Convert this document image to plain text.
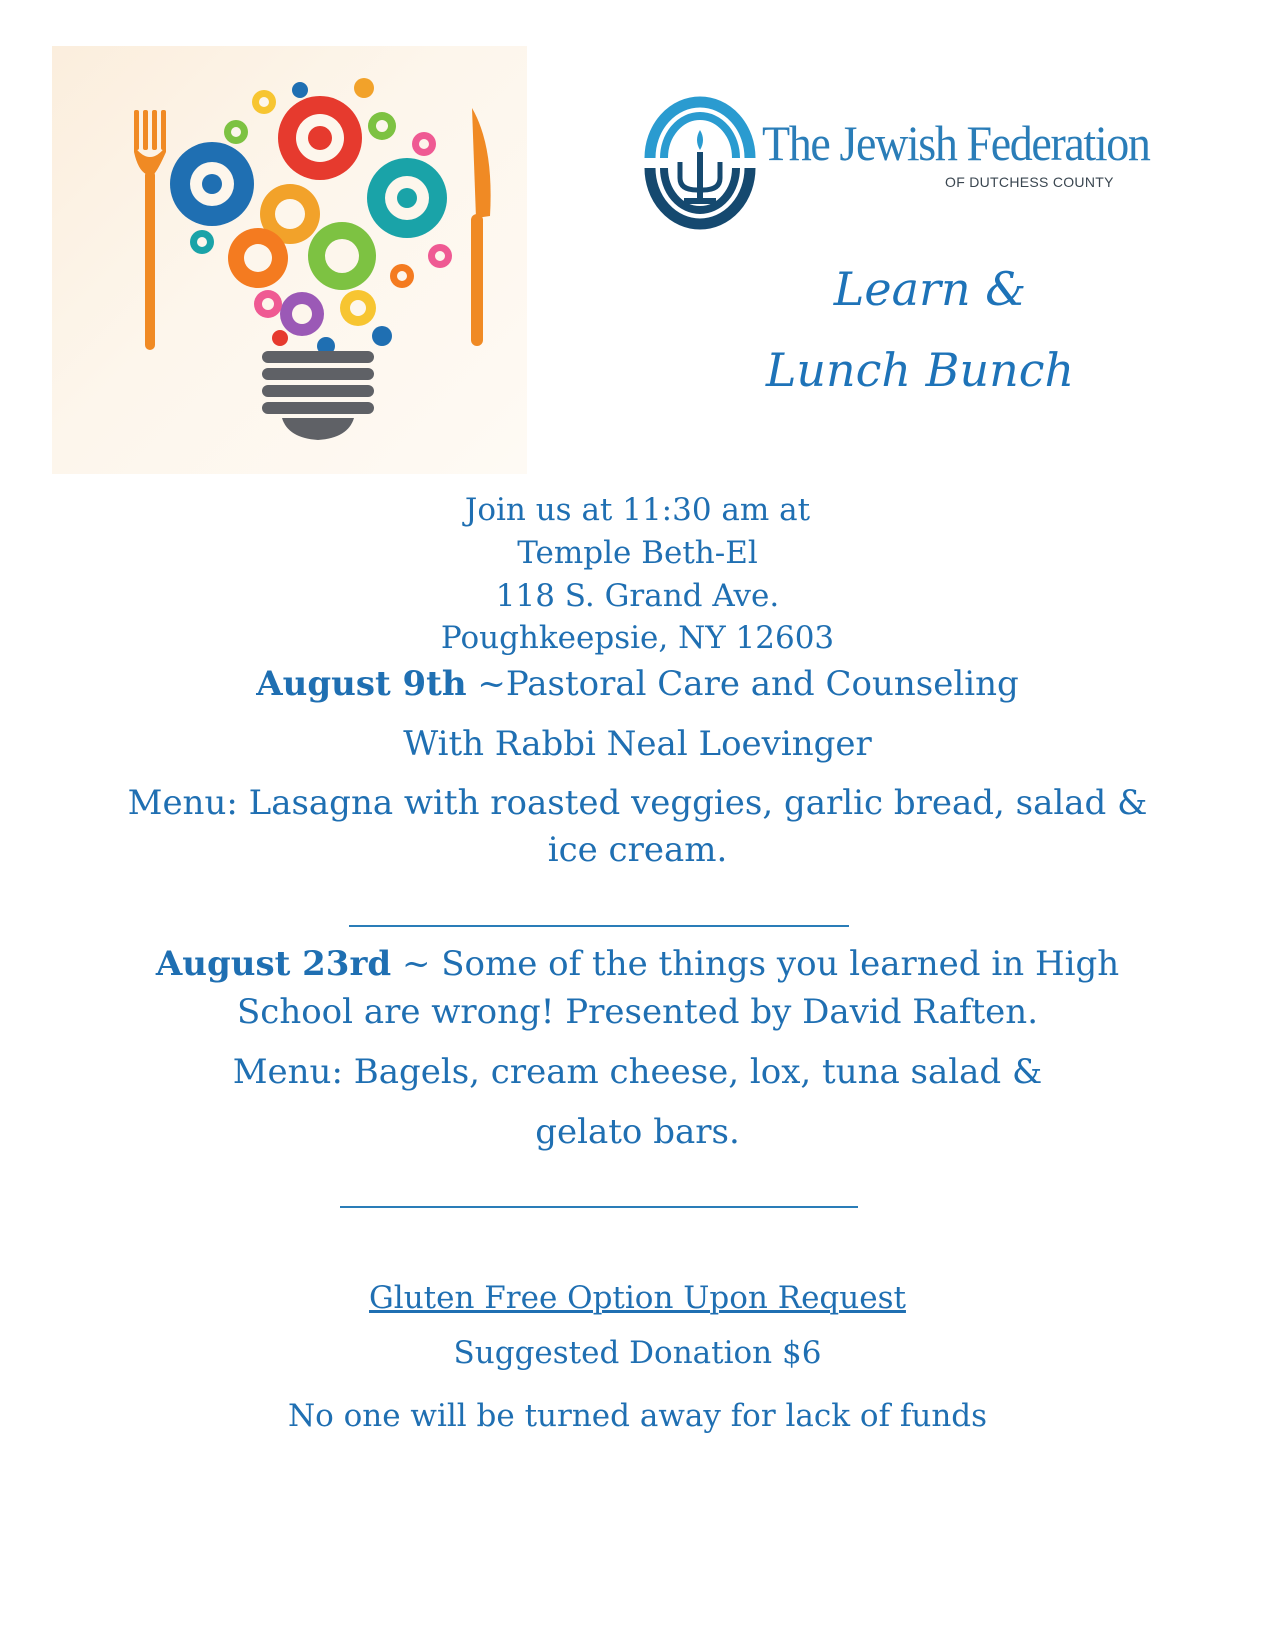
The Jewish Federation
OF DUTCHESS COUNTY
Learn &
Lunch Bunch
Join us at 11:30 am at
Temple Beth-El
118 S. Grand Ave.
Poughkeepsie, NY 12603
August 9th ~Pastoral Care and Counseling
With Rabbi Neal Loevinger
Menu: Lasagna with roasted veggies, garlic bread, salad &
ice cream.
August 23rd ~ Some of the things you learned in High
School are wrong! Presented by David Raften.
Menu: Bagels, cream cheese, lox, tuna salad &
gelato bars.
Gluten Free Option Upon Request
Suggested Donation $6
No one will be turned away for lack of funds
